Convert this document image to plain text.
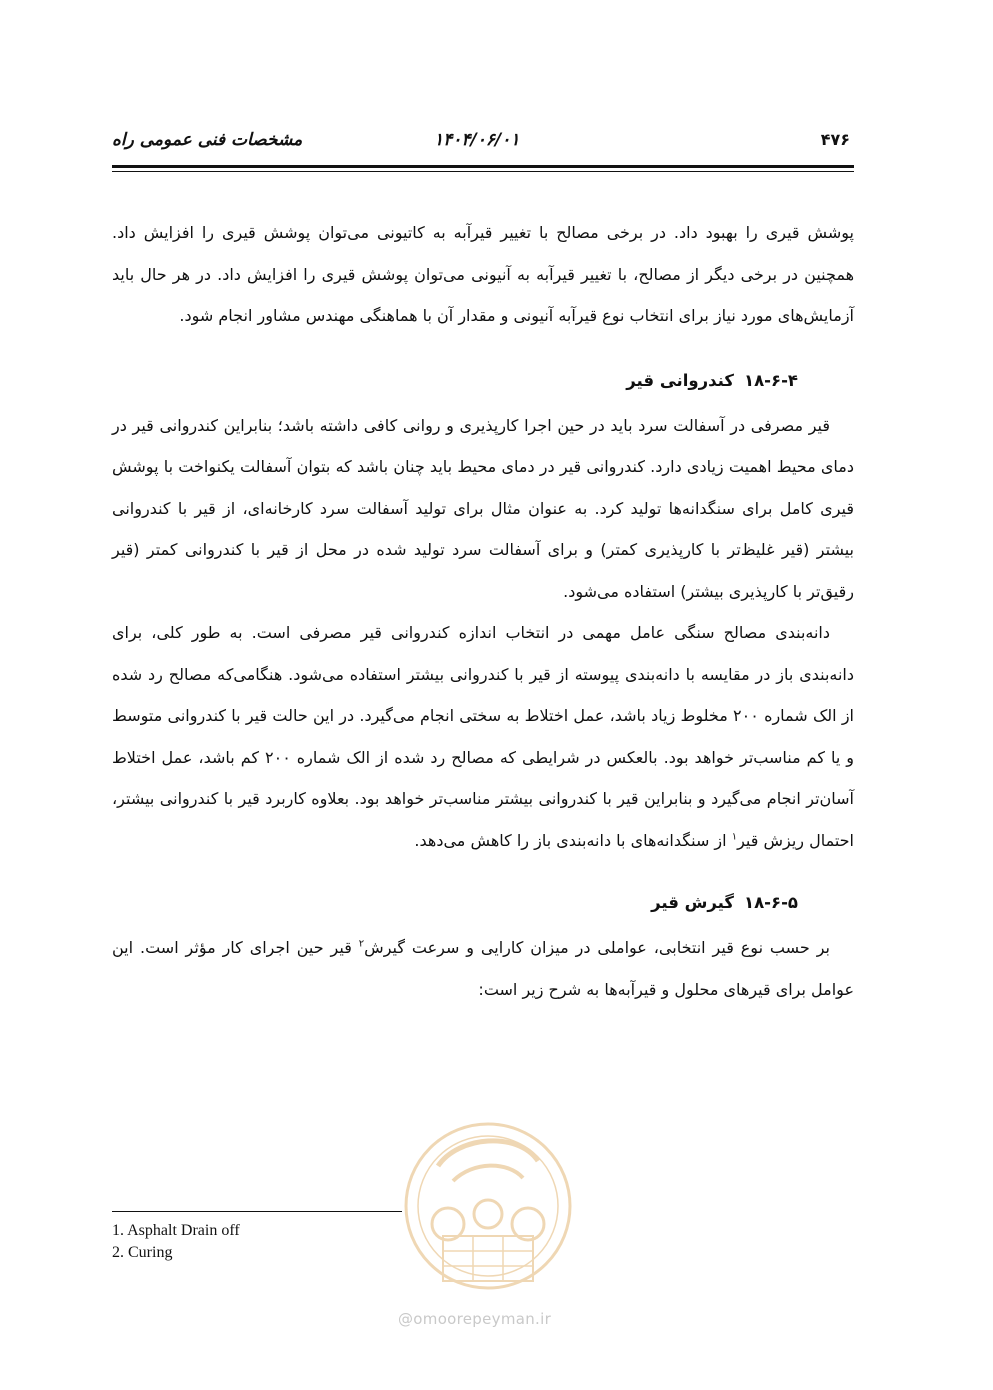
مشخصات فنی عمومی راه	۱۴۰۴/۰۶/۰۱	۴۷۶

پوشش قیری را بهبود داد. در برخی مصالح با تغییر قیرآبه به کاتیونی می‌توان پوشش قیری را افزایش داد. همچنین در برخی دیگر از مصالح، با تغییر قیرآبه به آنیونی می‌توان پوشش قیری را افزایش داد. در هر حال باید آزمایش‌های مورد نیاز برای انتخاب نوع قیرآبه آنیونی و مقدار آن با هماهنگی مهندس مشاور انجام شود.

۱۸-۶-۴کندروانی قیر

قیر مصرفی در آسفالت سرد باید در حین اجرا کارپذیری و روانی کافی داشته باشد؛ بنابراین کندروانی قیر در دمای محیط اهمیت زیادی دارد. کندروانی قیر در دمای محیط باید چنان باشد که بتوان آسفالت یکنواخت با پوشش قیری کامل برای سنگدانه‌ها تولید کرد. به عنوان مثال برای تولید آسفالت سرد کارخانه‌ای، از قیر با کندروانی بیشتر (قیر غلیظ‌تر با کارپذیری کمتر) و برای آسفالت سرد تولید شده در محل از قیر با کندروانی کمتر (قیر رقیق‌تر با کارپذیری بیشتر) استفاده می‌شود.

دانه‌بندی مصالح سنگی عامل مهمی در انتخاب اندازه کندروانی قیر مصرفی است. به طور کلی، برای دانه‌بندی باز در مقایسه با دانه‌بندی پیوسته از قیر با کندروانی بیشتر استفاده می‌شود. هنگامی‌که مصالح رد شده از الک شماره ۲۰۰ مخلوط زیاد باشد، عمل اختلاط به سختی انجام می‌گیرد. در این حالت قیر با کندروانی متوسط و یا کم مناسب‌تر خواهد بود. بالعکس در شرایطی که مصالح رد شده از الک شماره ۲۰۰ کم باشد، عمل اختلاط آسان‌تر انجام می‌گیرد و بنابراین قیر با کندروانی بیشتر مناسب‌تر خواهد بود. بعلاوه کاربرد قیر با کندروانی بیشتر، احتمال ریزش قیر$^۱$ از سنگدانه‌های با دانه‌بندی باز را کاهش می‌دهد.

۱۸-۶-۵گیرش قیر

بر حسب نوع قیر انتخابی، عواملی در میزان کارایی و سرعت گیرش$^۲$ قیر حین اجرای کار مؤثر است. این عوامل برای قیرهای محلول و قیرآبه‌ها به شرح زیر است:

@omoorepeyman.ir
1. Asphalt Drain off
2. Curing
